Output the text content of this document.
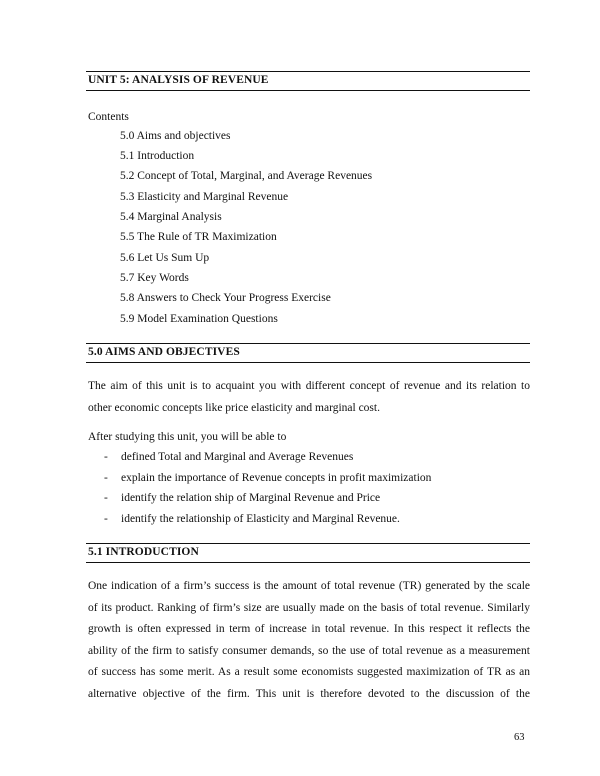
UNIT 5: ANALYSIS OF REVENUE
Contents
5.0 Aims and objectives
5.1 Introduction
5.2 Concept of Total, Marginal, and Average Revenues
5.3 Elasticity and Marginal Revenue
5.4 Marginal Analysis
5.5 The Rule of TR Maximization
5.6 Let Us Sum Up
5.7 Key Words
5.8 Answers to Check Your Progress Exercise
5.9 Model Examination Questions
5.0 AIMS AND OBJECTIVES
The aim of this unit is to acquaint you with different concept of revenue and its relation to
other economic concepts like price elasticity and marginal cost.
After studying this unit, you will be able to
- defined Total and Marginal and Average Revenues
- explain the importance of Revenue concepts in profit maximization
- identify the relation ship of Marginal Revenue and Price
- identify the relationship of Elasticity and Marginal Revenue.
5.1 INTRODUCTION
One indication of a firm’s success is the amount of total revenue (TR) generated by the scale
of its product. Ranking of firm’s size are usually made on the basis of total revenue. Similarly
growth is often expressed in term of increase in total revenue. In this respect it reflects the
ability of the firm to satisfy consumer demands, so the use of total revenue as a measurement
of success has some merit. As a result some economists suggested maximization of TR as an
alternative objective of the firm. This unit is therefore devoted to the discussion of the
63
